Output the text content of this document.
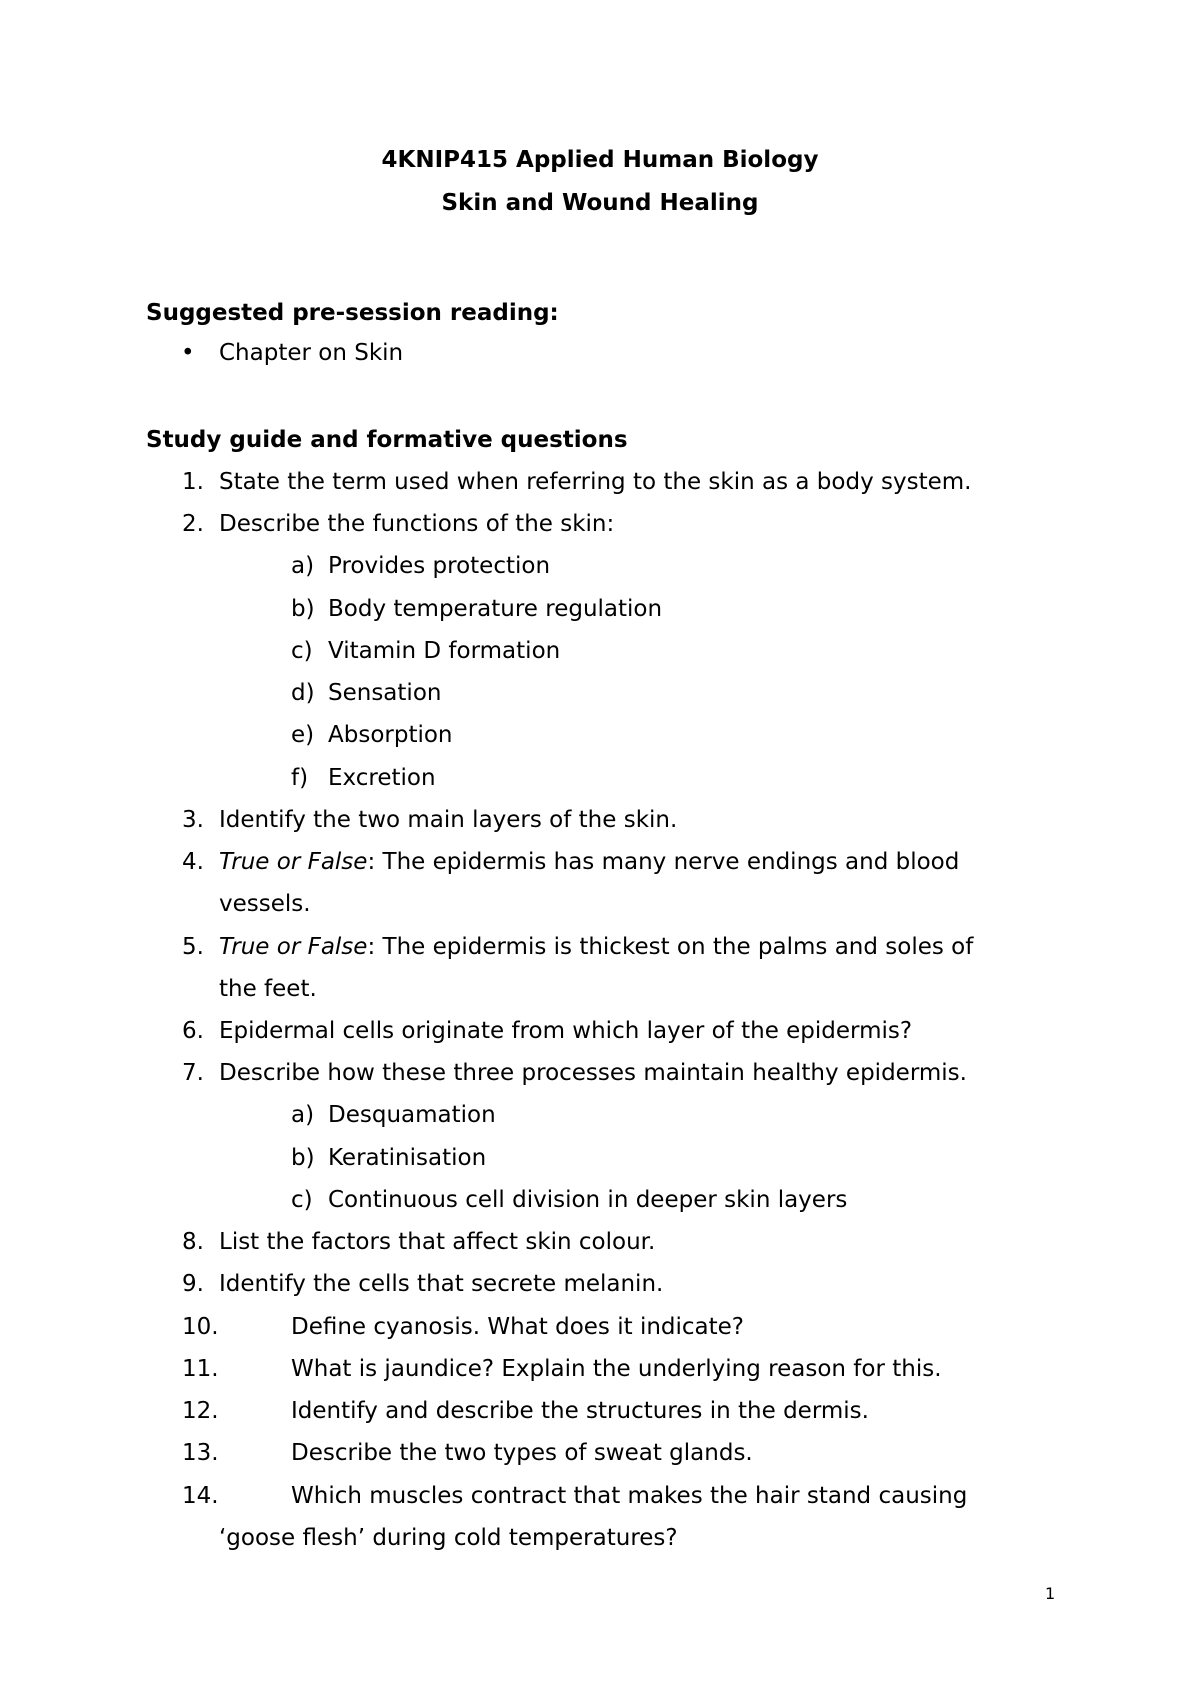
4KNIP415 Applied Human Biology
Skin and Wound Healing
Suggested pre-session reading:
• Chapter on Skin
Study guide and formative questions
1. State the term used when referring to the skin as a body system.
2. Describe the functions of the skin:
a) Provides protection
b) Body temperature regulation
c) Vitamin D formation
d) Sensation
e) Absorption
f) Excretion
3. Identify the two main layers of the skin.
4. True or False: The epidermis has many nerve endings and blood
vessels.
5. True or False: The epidermis is thickest on the palms and soles of
the feet.
6. Epidermal cells originate from which layer of the epidermis?
7. Describe how these three processes maintain healthy epidermis.
a) Desquamation
b) Keratinisation
c) Continuous cell division in deeper skin layers
8. List the factors that affect skin colour.
9. Identify the cells that secrete melanin.
10.	Define cyanosis. What does it indicate?
11.	What is jaundice? Explain the underlying reason for this.
12.	Identify and describe the structures in the dermis.
13.	Describe the two types of sweat glands.
14.	Which muscles contract that makes the hair stand causing
‘goose flesh’ during cold temperatures?
1
